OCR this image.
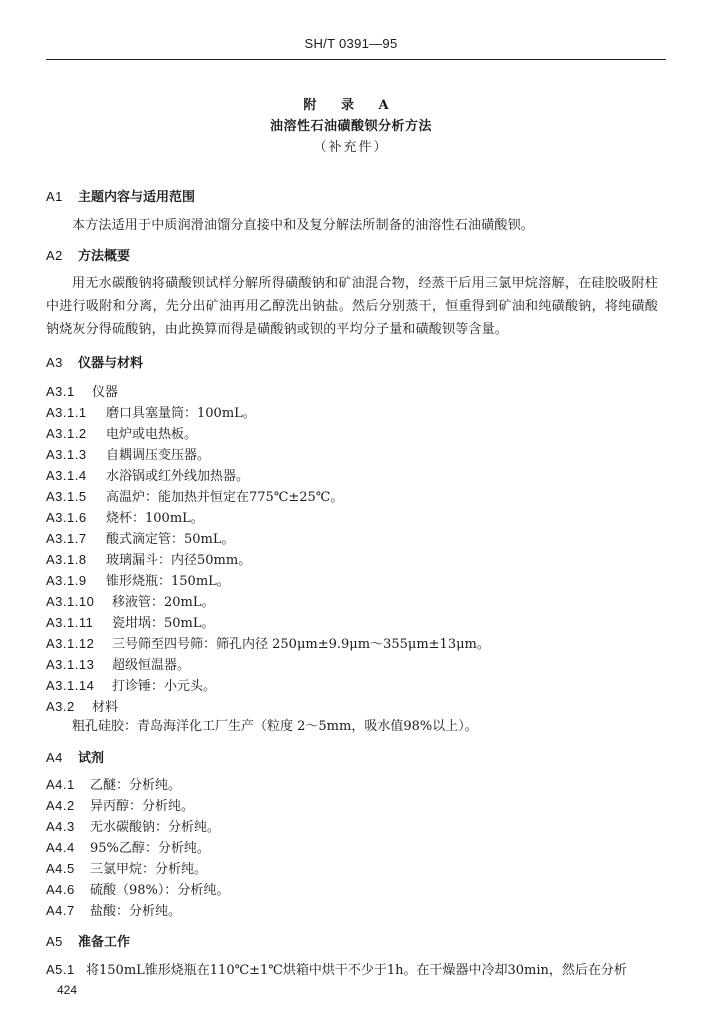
SH/T 0391—95
附 录 A
油溶性石油磺酸钡分析方法
（补充件）
A1 主题内容与适用范围
本方法适用于中质润滑油馏分直接中和及复分解法所制备的油溶性石油磺酸钡。
A2 方法概要
用无水碳酸钠将磺酸钡试样分解所得磺酸钠和矿油混合物，经蒸干后用三氯甲烷溶解，在硅胶吸附柱中进行吸附和分离，先分出矿油再用乙醇洗出钠盐。然后分别蒸干，恒重得到矿油和纯磺酸钠，将纯磺酸钠烧灰分得硫酸钠，由此换算而得是磺酸钠或钡的平均分子量和磺酸钡等含量。
A3 仪器与材料
A3.1 仪器
A3.1.1 磨口具塞量筒：100mL。
A3.1.2 电炉或电热板。
A3.1.3 自耦调压变压器。
A3.1.4 水浴锅或红外线加热器。
A3.1.5 高温炉：能加热并恒定在775℃±25℃。
A3.1.6 烧杯：100mL。
A3.1.7 酸式滴定管：50mL。
A3.1.8 玻璃漏斗：内径50mm。
A3.1.9 锥形烧瓶：150mL。
A3.1.10 移液管：20mL。
A3.1.11 瓷坩埚：50mL。
A3.1.12 三号筛至四号筛：筛孔内径 250μm±9.9μm～355μm±13μm。
A3.1.13 超级恒温器。
A3.1.14 打诊锤：小元头。
A3.2 材料
粗孔硅胶：青岛海洋化工厂生产（粒度 2～5mm，吸水值98%以上）。
A4 试剂
A4.1 乙醚：分析纯。
A4.2 异丙醇：分析纯。
A4.3 无水碳酸钠：分析纯。
A4.4 95%乙醇：分析纯。
A4.5 三氯甲烷：分析纯。
A4.6 硫酸（98%）：分析纯。
A4.7 盐酸：分析纯。
A5 准备工作
A5.1 将150mL锥形烧瓶在110℃±1℃烘箱中烘干不少于1h。在干燥器中冷却30min，然后在分析
424
